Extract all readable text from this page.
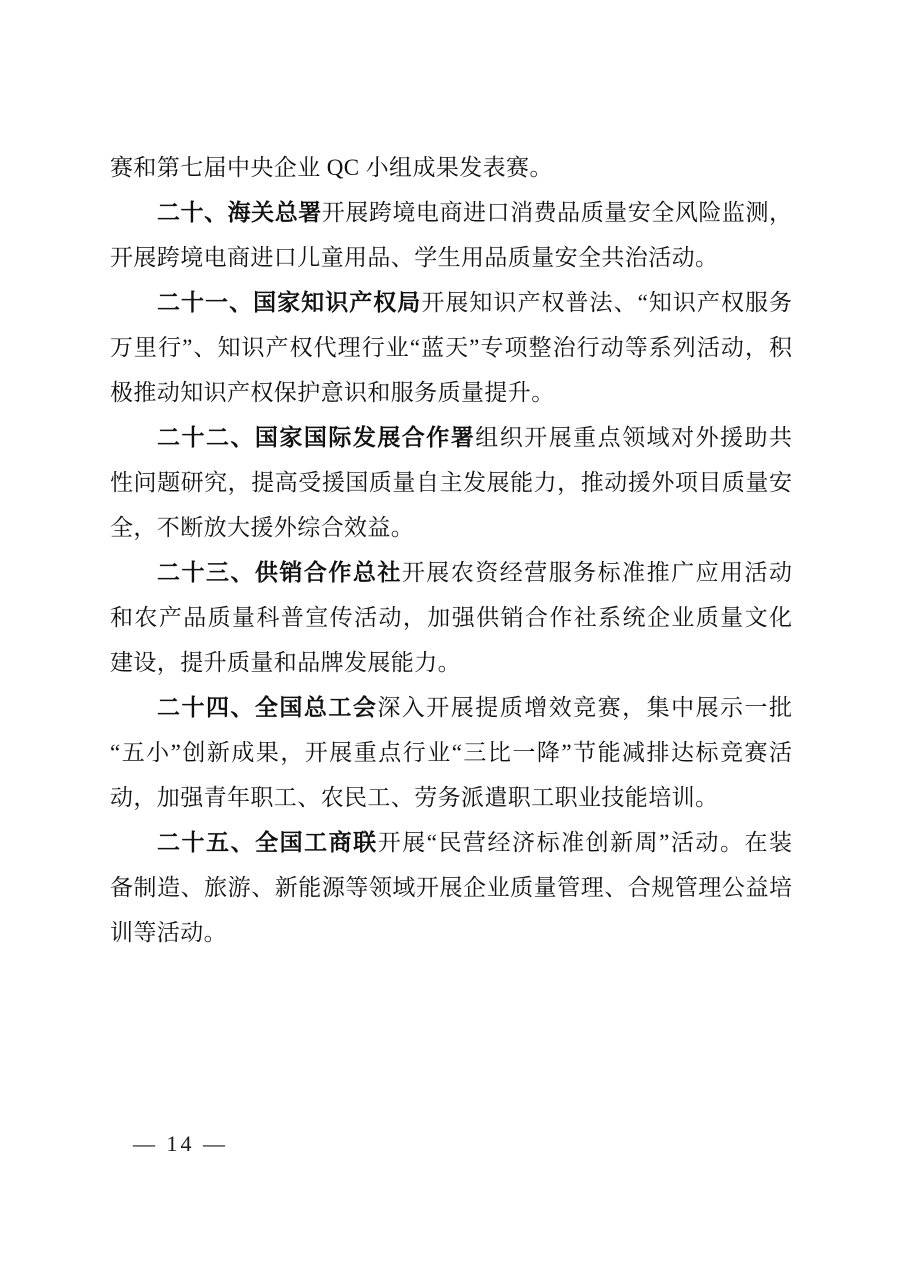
赛和第七届中央企业 QC 小组成果发表赛。
二十、海关总署开展跨境电商进口消费品质量安全风险监测，
开展跨境电商进口儿童用品、学生用品质量安全共治活动。
二十一、国家知识产权局开展知识产权普法、“知识产权服务
万里行”、知识产权代理行业“蓝天”专项整治行动等系列活动，积
极推动知识产权保护意识和服务质量提升。
二十二、国家国际发展合作署组织开展重点领域对外援助共
性问题研究，提高受援国质量自主发展能力，推动援外项目质量安
全，不断放大援外综合效益。
二十三、供销合作总社开展农资经营服务标准推广应用活动
和农产品质量科普宣传活动，加强供销合作社系统企业质量文化
建设，提升质量和品牌发展能力。
二十四、全国总工会深入开展提质增效竞赛，集中展示一批
“五小”创新成果，开展重点行业“三比一降”节能减排达标竞赛活
动，加强青年职工、农民工、劳务派遣职工职业技能培训。
二十五、全国工商联开展“民营经济标准创新周”活动。在装
备制造、旅游、新能源等领域开展企业质量管理、合规管理公益培
训等活动。
— 14 —
